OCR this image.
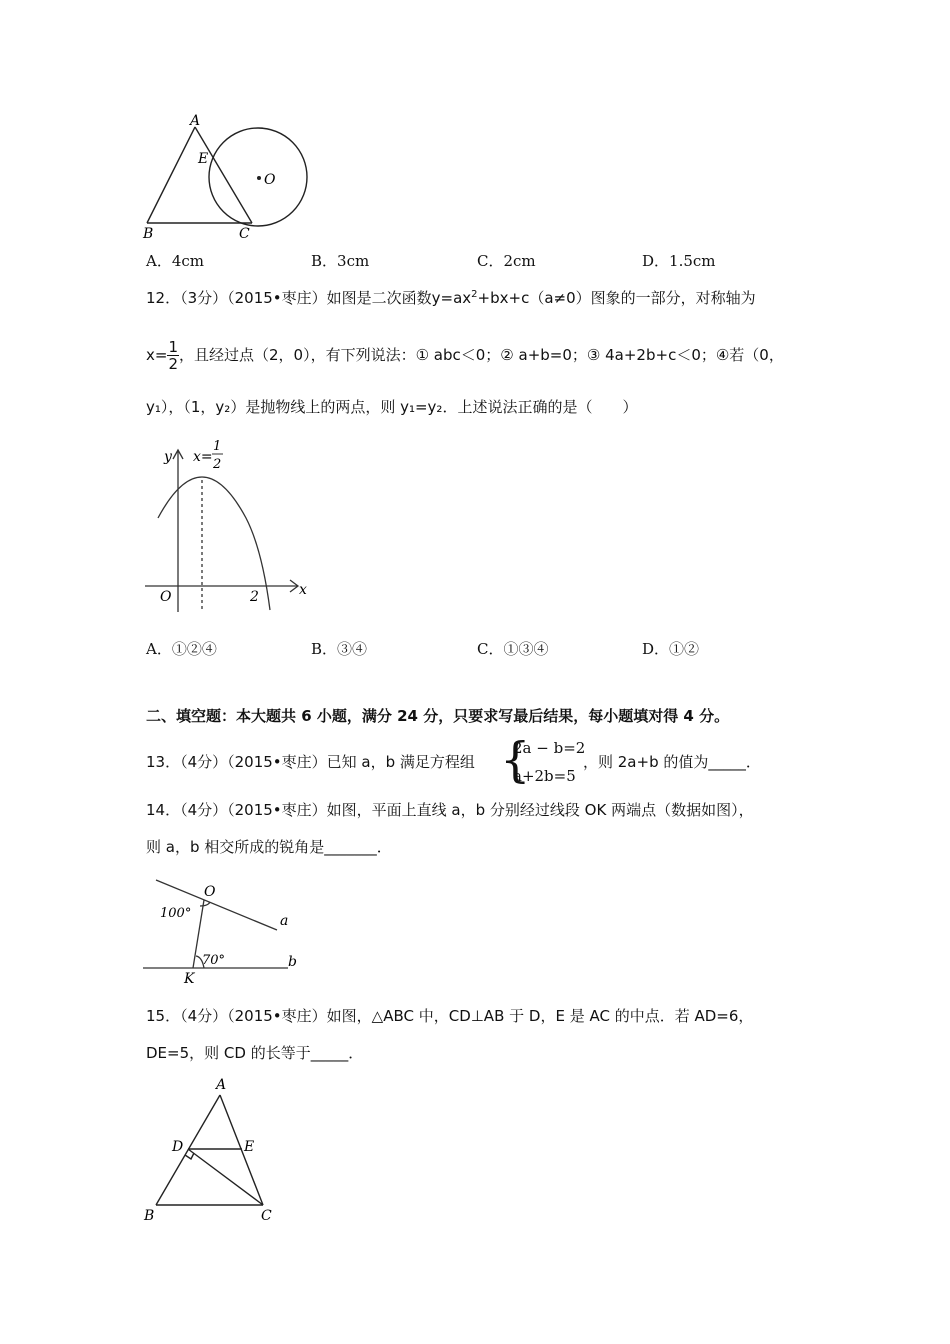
A
E
O
B	C
A．4cm	B．3cm	C．2cm	D．1.5cm
12．（3分）（2015•枣庄）如图是二次函数$y=ax^2+bx+c(a\ne 0)$图象的一部分，对称轴为
$x= \frac{1}{2}$ ，且经过点（2，0），有下列说法：① abc＜0；② a+b=0；③ 4a+2b+c＜0；④若（0，
y₁），（1，y₂）是抛物线上的两点，则 y₁=y₂．上述说法正确的是（　　）
y
x
x=
1
2
O	2
A．①②④	B．③④	C．①③④	D．①②
二、填空题：本大题共 6 小题，满分 24 分，只要求写最后结果，每小题填对得 4 分。
13．（4分）（2015•枣庄）已知 a，b 满足方程组 {
2a − b=2
a+2b=5
，则 2a+b 的值为_____．
14．（4分）（2015•枣庄）如图，平面上直线 a，b 分别经过线段 OK 两端点（数据如图），
则 a，b 相交所成的锐角是_______．
O
a
100°
70°
K
b
15．（4分）（2015•枣庄）如图，△ABC 中，CD⊥AB 于 D，E 是 AC 的中点．若 AD=6，
DE=5，则 CD 的长等于_____．
A
D	E
B	C
